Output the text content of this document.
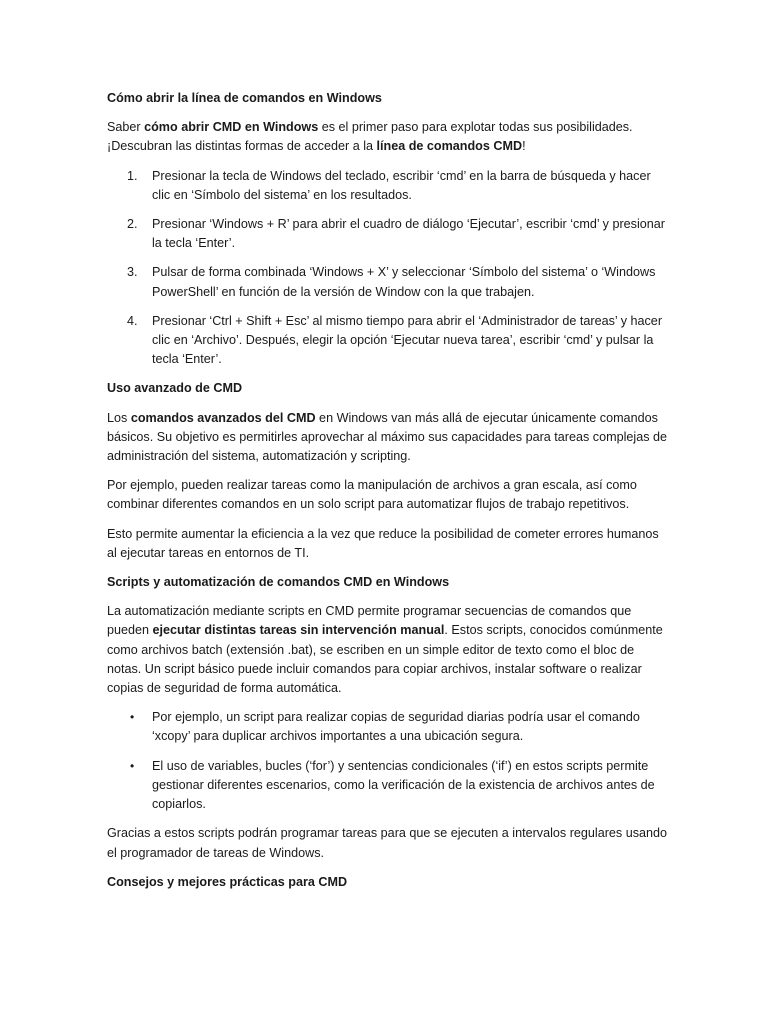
Cómo abrir la línea de comandos en Windows

Saber cómo abrir CMD en Windows es el primer paso para explotar todas sus posibilidades. ¡Descubran las distintas formas de acceder a la línea de comandos CMD!

1. Presionar la tecla de Windows del teclado, escribir ‘cmd’ en la barra de búsqueda y hacer clic en ‘Símbolo del sistema’ en los resultados.
2. Presionar ‘Windows + R’ para abrir el cuadro de diálogo ‘Ejecutar’, escribir ‘cmd’ y presionar la tecla ‘Enter’.
3. Pulsar de forma combinada ‘Windows + X’ y seleccionar ‘Símbolo del sistema’ o ‘Windows PowerShell’ en función de la versión de Window con la que trabajen.
4. Presionar ‘Ctrl + Shift + Esc’ al mismo tiempo para abrir el ‘Administrador de tareas’ y hacer clic en ‘Archivo’. Después, elegir la opción ‘Ejecutar nueva tarea’, escribir ‘cmd’ y pulsar la tecla ‘Enter’.

Uso avanzado de CMD

Los comandos avanzados del CMD en Windows van más allá de ejecutar únicamente comandos básicos. Su objetivo es permitirles aprovechar al máximo sus capacidades para tareas complejas de administración del sistema, automatización y scripting.

Por ejemplo, pueden realizar tareas como la manipulación de archivos a gran escala, así como combinar diferentes comandos en un solo script para automatizar flujos de trabajo repetitivos.

Esto permite aumentar la eficiencia a la vez que reduce la posibilidad de cometer errores humanos al ejecutar tareas en entornos de TI.

Scripts y automatización de comandos CMD en Windows

La automatización mediante scripts en CMD permite programar secuencias de comandos que pueden ejecutar distintas tareas sin intervención manual. Estos scripts, conocidos comúnmente como archivos batch (extensión .bat), se escriben en un simple editor de texto como el bloc de notas. Un script básico puede incluir comandos para copiar archivos, instalar software o realizar copias de seguridad de forma automática.

• Por ejemplo, un script para realizar copias de seguridad diarias podría usar el comando ‘xcopy’ para duplicar archivos importantes a una ubicación segura.
• El uso de variables, bucles (‘for’) y sentencias condicionales (‘if’) en estos scripts permite gestionar diferentes escenarios, como la verificación de la existencia de archivos antes de copiarlos.

Gracias a estos scripts podrán programar tareas para que se ejecuten a intervalos regulares usando el programador de tareas de Windows.

Consejos y mejores prácticas para CMD
